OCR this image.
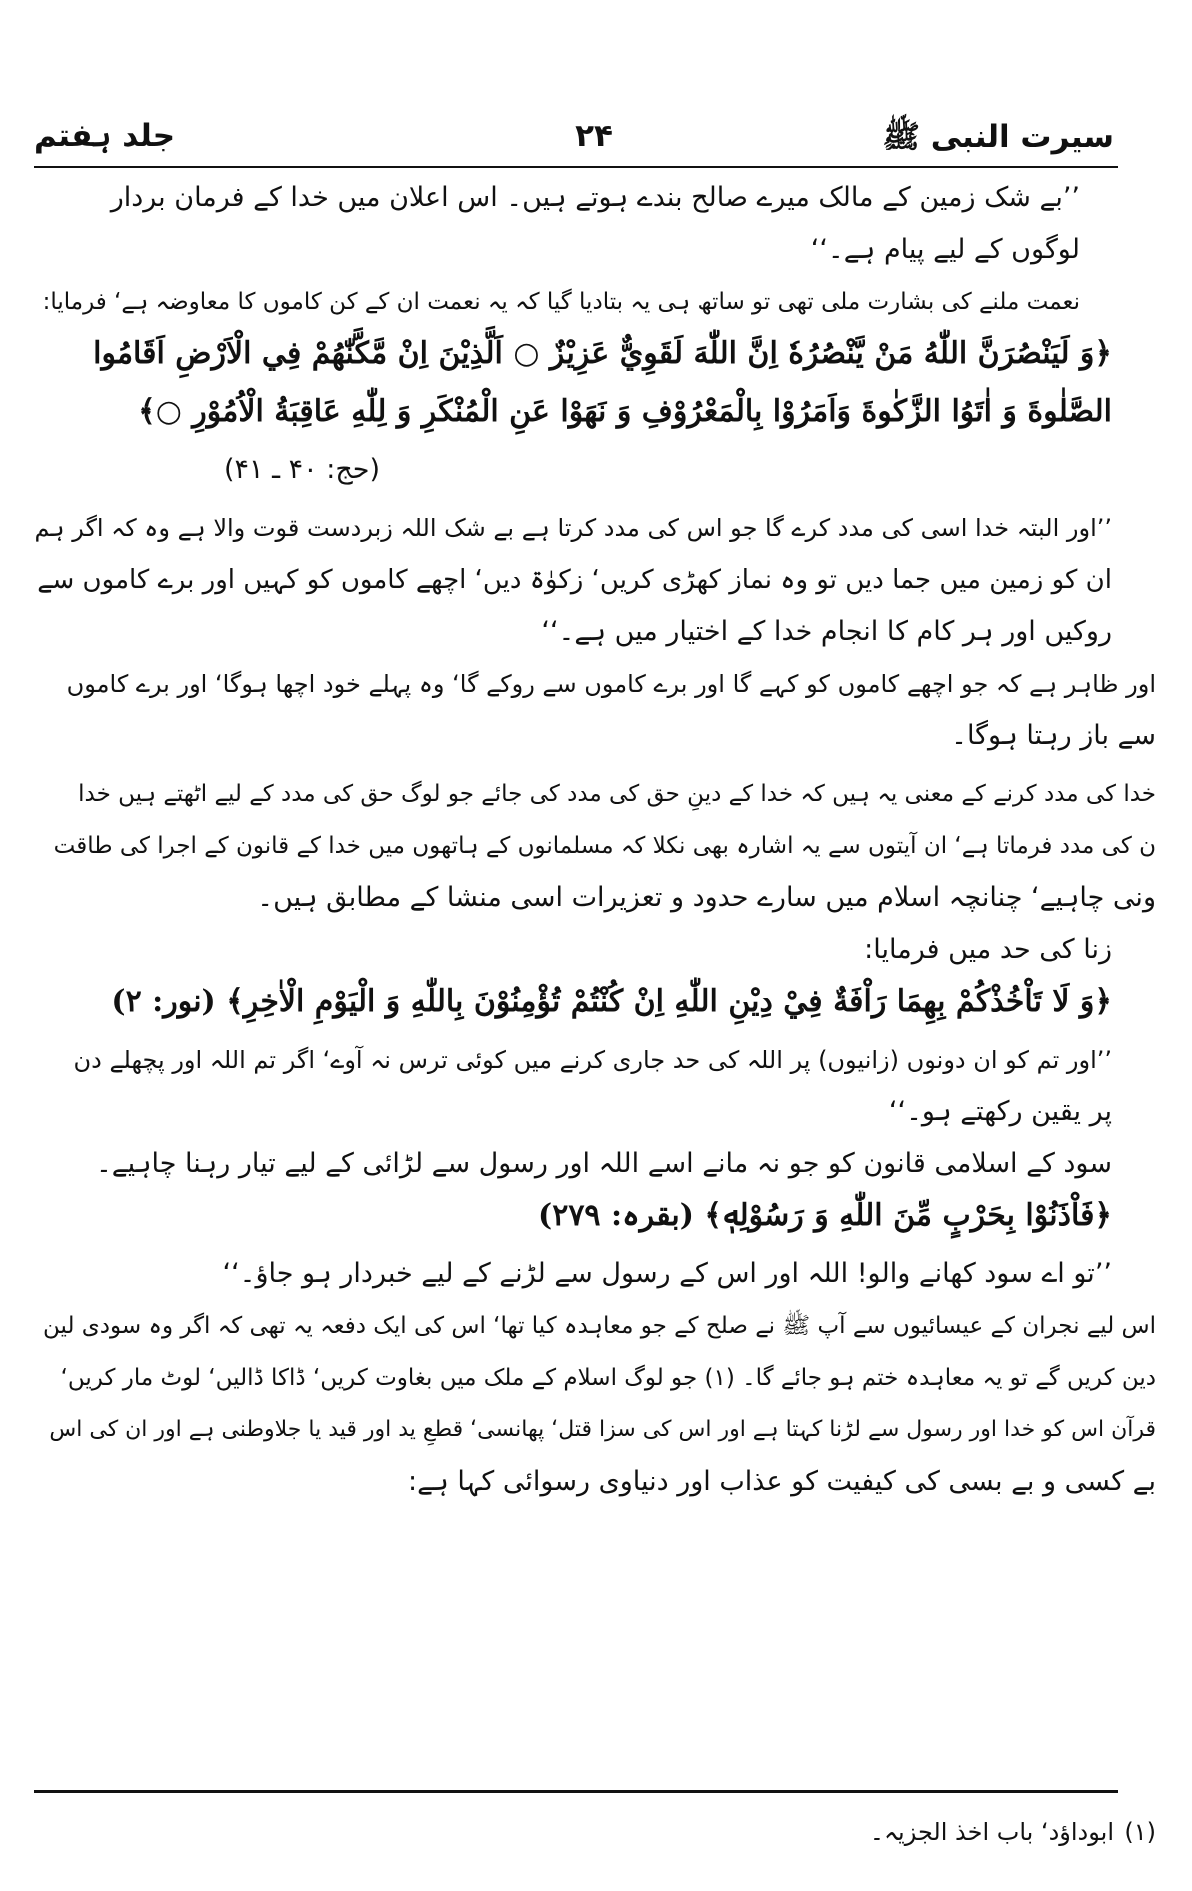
سیرت النبی ﷺ
۲۴
جلد ہفتم
’’بے شک زمین کے مالک میرے صالح بندے ہوتے ہیں۔ اس اعلان میں خدا کے فرمان بردار
لوگوں کے لیے پیام ہے۔‘‘
نعمت ملنے کی بشارت ملی تھی تو ساتھ ہی یہ بتادیا گیا کہ یہ نعمت ان کے کن کاموں کا معاوضہ ہے‘ فرمایا:
﴿وَ لَيَنْصُرَنَّ اللّٰهُ مَنْ يَّنْصُرُهٗ اِنَّ اللّٰهَ لَقَوِيٌّ عَزِيْزٌ ○ اَلَّذِيْنَ اِنْ مَّكَّنّٰهُمْ فِي الْاَرْضِ اَقَامُوا
الصَّلٰوةَ وَ اٰتَوُا الزَّكٰوةَ وَاَمَرُوْا بِالْمَعْرُوْفِ وَ نَهَوْا عَنِ الْمُنْكَرِ وَ لِلّٰهِ عَاقِبَةُ الْاُمُوْرِ ○﴾
(حج: ۴۰ ـ ۴۱)
’’اور البتہ خدا اسی کی مدد کرے گا جو اس کی مدد کرتا ہے بے شک اللہ زبردست قوت والا ہے وہ کہ اگر ہم
ان کو زمین میں جما دیں تو وہ نماز کھڑی کریں‘ زکوٰۃ دیں‘ اچھے کاموں کو کہیں اور برے کاموں سے
روکیں اور ہر کام کا انجام خدا کے اختیار میں ہے۔‘‘
اور ظاہر ہے کہ جو اچھے کاموں کو کہے گا اور برے کاموں سے روکے گا‘ وہ پہلے خود اچھا ہوگا‘ اور برے کاموں
سے باز رہتا ہوگا۔
خدا کی مدد کرنے کے معنی یہ ہیں کہ خدا کے دینِ حق کی مدد کی جائے جو لوگ حق کی مدد کے لیے اٹھتے ہیں خدا
ن کی مدد فرماتا ہے‘ ان آیتوں سے یہ اشارہ بھی نکلا کہ مسلمانوں کے ہاتھوں میں خدا کے قانون کے اجرا کی طاقت
ونی چاہیے‘ چنانچہ اسلام میں سارے حدود و تعزیرات اسی منشا کے مطابق ہیں۔
زنا کی حد میں فرمایا:
﴿وَ لَا تَاْخُذْكُمْ بِهِمَا رَاْفَةٌ فِيْ دِيْنِ اللّٰهِ اِنْ كُنْتُمْ تُؤْمِنُوْنَ بِاللّٰهِ وَ الْيَوْمِ الْاٰخِرِ﴾ (نور: ۲)
’’اور تم کو ان دونوں (زانیوں) پر اللہ کی حد جاری کرنے میں کوئی ترس نہ آوے‘ اگر تم اللہ اور پچھلے دن
پر یقین رکھتے ہو۔‘‘
سود کے اسلامی قانون کو جو نہ مانے اسے اللہ اور رسول سے لڑائی کے لیے تیار رہنا چاہیے۔
﴿فَاْذَنُوْا بِحَرْبٍ مِّنَ اللّٰهِ وَ رَسُوْلِهٖ﴾ (بقرہ: ۲۷۹)
’’تو اے سود کھانے والو! اللہ اور اس کے رسول سے لڑنے کے لیے خبردار ہو جاؤ۔‘‘
اس لیے نجران کے عیسائیوں سے آپ ﷺ نے صلح کے جو معاہدہ کیا تھا‘ اس کی ایک دفعہ یہ تھی کہ اگر وہ سودی لین
دین کریں گے تو یہ معاہدہ ختم ہو جائے گا۔ (۱) جو لوگ اسلام کے ملک میں بغاوت کریں‘ ڈاکا ڈالیں‘ لوٹ مار کریں‘
قرآن اس کو خدا اور رسول سے لڑنا کہتا ہے اور اس کی سزا قتل‘ پھانسی‘ قطعِ ید اور قید یا جلاوطنی ہے اور ان کی اس
بے کسی و بے بسی کی کیفیت کو عذاب اور دنیاوی رسوائی کہا ہے:
(۱)
ابوداؤد‘ باب اخذ الجزیہ۔
